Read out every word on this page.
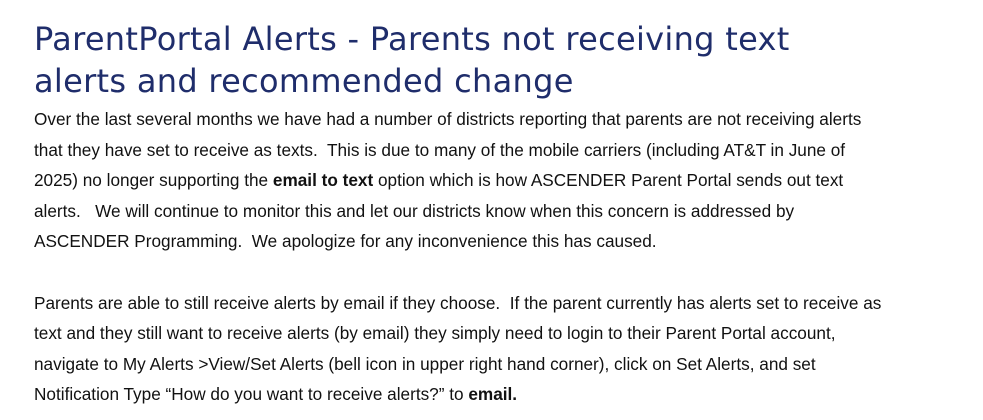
ParentPortal Alerts - Parents not receiving text
alerts and recommended change

Over the last several months we have had a number of districts reporting that parents are not receiving alerts
that they have set to receive as texts.  This is due to many of the mobile carriers (including AT&T in June of
2025) no longer supporting the email to text option which is how ASCENDER Parent Portal sends out text
alerts.   We will continue to monitor this and let our districts know when this concern is addressed by
ASCENDER Programming.  We apologize for any inconvenience this has caused.

Parents are able to still receive alerts by email if they choose.  If the parent currently has alerts set to receive as
text and they still want to receive alerts (by email) they simply need to login to their Parent Portal account,
navigate to My Alerts >View/Set Alerts (bell icon in upper right hand corner), click on Set Alerts, and set
Notification Type “How do you want to receive alerts?” to email.
